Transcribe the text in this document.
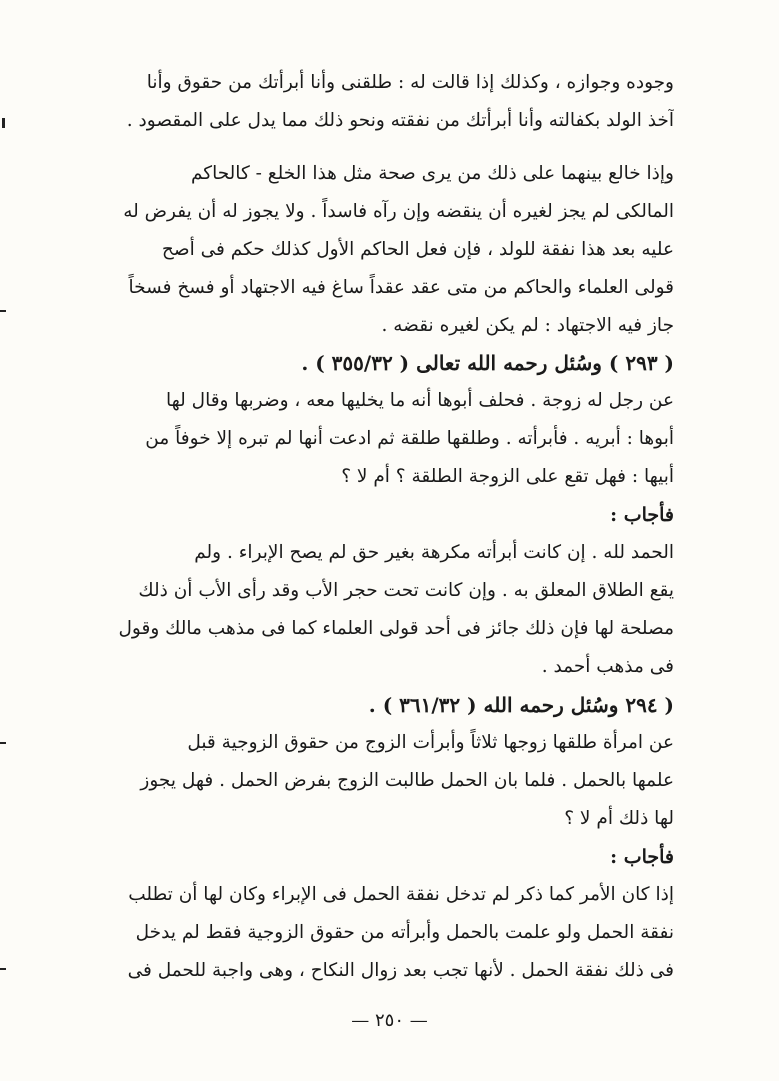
وجوده وجوازه ، وكذلك إذا قالت له : طلقنى وأنا أبرأتك من حقوق وأنا
آخذ الولد بكفالته وأنا أبرأتك من نفقته ونحو ذلك مما يدل على المقصود .
وإذا خالع بينهما على ذلك من يرى صحة مثل هذا الخلع - كالحاكم
المالكى لم يجز لغيره أن ينقضه وإن رآه فاسداً . ولا يجوز له أن يفرض له
عليه بعد هذا نفقة للولد ، فإن فعل الحاكم الأول كذلك حكم فى أصح
قولى العلماء والحاكم من متى عقد عقداً ساغ فيه الاجتهاد أو فسخ فسخاً
جاز فيه الاجتهاد : لم يكن لغيره نقضه .
( ٢٩٣ ) وسُئل رحمه الله تعالى ( ٣٥٥/٣٢ ) .
عن رجل له زوجة . فحلف أبوها أنه ما يخليها معه ، وضربها وقال لها
أبوها : أبريه . فأبرأته . وطلقها طلقة ثم ادعت أنها لم تبره إلا خوفاً من
أبيها : فهل تقع على الزوجة الطلقة ؟ أم لا ؟
فأجاب :
الحمد لله . إن كانت أبرأته مكرهة بغير حق لم يصح الإبراء . ولم
يقع الطلاق المعلق به . وإن كانت تحت حجر الأب وقد رأى الأب أن ذلك
مصلحة لها فإن ذلك جائز فى أحد قولى العلماء كما فى مذهب مالك وقول
فى مذهب أحمد .
( ٢٩٤ وسُئل رحمه الله ( ٣٦١/٣٢ ) .
عن امرأة طلقها زوجها ثلاثاً وأبرأت الزوج من حقوق الزوجية قبل
علمها بالحمل . فلما بان الحمل طالبت الزوج بفرض الحمل . فهل يجوز
لها ذلك أم لا ؟
فأجاب :
إذا كان الأمر كما ذكر لم تدخل نفقة الحمل فى الإبراء وكان لها أن تطلب
نفقة الحمل ولو علمت بالحمل وأبرأته من حقوق الزوجية فقط لم يدخل
فى ذلك نفقة الحمل . لأنها تجب بعد زوال النكاح ، وهى واجبة للحمل فى
— ٢٥٠ —
